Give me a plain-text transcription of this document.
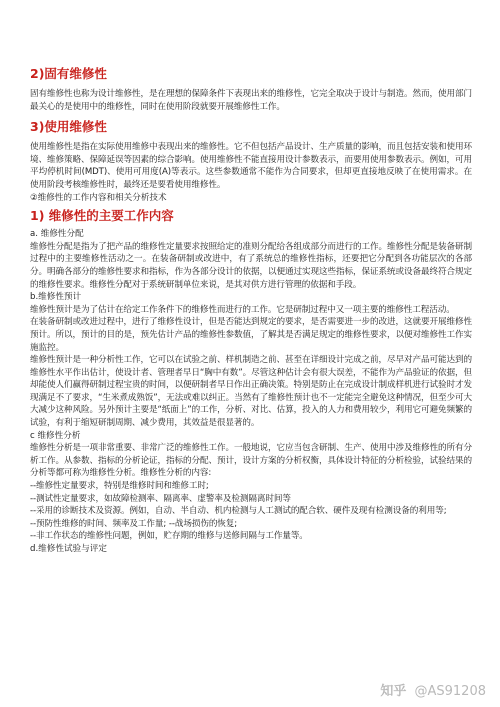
2)固有维修性

固有维修性也称为设计维修性，是在理想的保障条件下表现出来的维修性，它完全取决于设计与制造。然而，使用部门最关心的是使用中的维修性，同时在使用阶段就要开展维修性工作。

3)使用维修性

使用维修性是指在实际使用维修中表现出来的维修性。它不但包括产品设计、生产质量的影响，而且包括安装和使用环境、维修策略、保障延误等因素的综合影响。使用维修性不能直接用设计参数表示，而要用使用参数表示。例如，可用平均停机时间(MDT)、使用可用度(A)等表示。这些参数通常不能作为合同要求，但却更直接地反映了在使用需求。在使用阶段考核维修性时，最终还是要看使用维修性。

②维修性的工作内容和相关分析技术

1) 维修性的主要工作内容

a. 维修性分配

维修性分配是指为了把产品的维修性定量要求按照给定的准则分配给各组成部分而进行的工作。维修性分配是装备研制过程中的主要维修性活动之一。在装备研制或改进中，有了系统总的维修性指标，还要把它分配到各功能层次的各部分。明确各部分的维修性要求和指标，作为各部分设计的依据，以便通过实现这些指标，保证系统或设备最终符合规定的维修性要求。维修性分配对于系统研制单位来说，是其对供方进行管理的依据和手段。

b.维修性预计

维修性预计是为了估计在给定工作条件下的维修性而进行的工作。它是研制过程中又一项主要的维修性工程活动。

在装备研制或改进过程中，进行了维修性设计，但是否能达到规定的要求，是否需要进一步的改进，这就要开展维修性预计。所以，预计的目的是，预先估计产品的维修性参数值，了解其是否满足规定的维修性要求，以便对维修性工作实施监控。

维修性预计是一种分析性工作，它可以在试验之前、样机制造之前、甚至在详细设计完成之前，尽早对产品可能达到的维修性水平作出估计，使设计者、管理者早日“胸中有数”。尽管这种估计会有很大误差，不能作为产品验证的依据，但却能使人们赢得研制过程宝贵的时间，以便研制者早日作出正确决策。特别是防止在完成设计制成样机进行试验时才发现满足不了要求，“生米煮成熟饭”，无法或难以纠正。当然有了维修性预计也不一定能完全避免这种情况，但至少可大大减少这种风险。另外预计主要是“纸面上”的工作，分析、对比、估算，投入的人力和费用较少，利用它可避免频繁的试验，有利于缩短研制周期、减少费用，其效益是很显著的。

c 维修性分析

维修性分析是一项非常重要、非常广泛的维修性工作。一般地说，它应当包含研制、生产、使用中涉及维修性的所有分析工作。从参数、指标的分析论证，指标的分配、预计，设计方案的分析权衡，具体设计特征的分析检验，试验结果的分析等都可称为维修性分析。维修性分析的内容:

--维修性定量要求，特别是维修时间和维修工时;

--测试性定量要求，如故障检测率、隔离率、虚警率及检测隔离时间等

--采用的诊断技术及资源。例如，自动、半自动、机内检测与人工测试的配合软、硬件及现有检测设备的利用等;

--预防性维修的时间、频率及工作量; --战场损伤的恢复;

--非工作状态的维修性问题，例如，贮存期的维修与送修间隔与工作量等。

d.维修性试验与评定

知乎 @AS91208
